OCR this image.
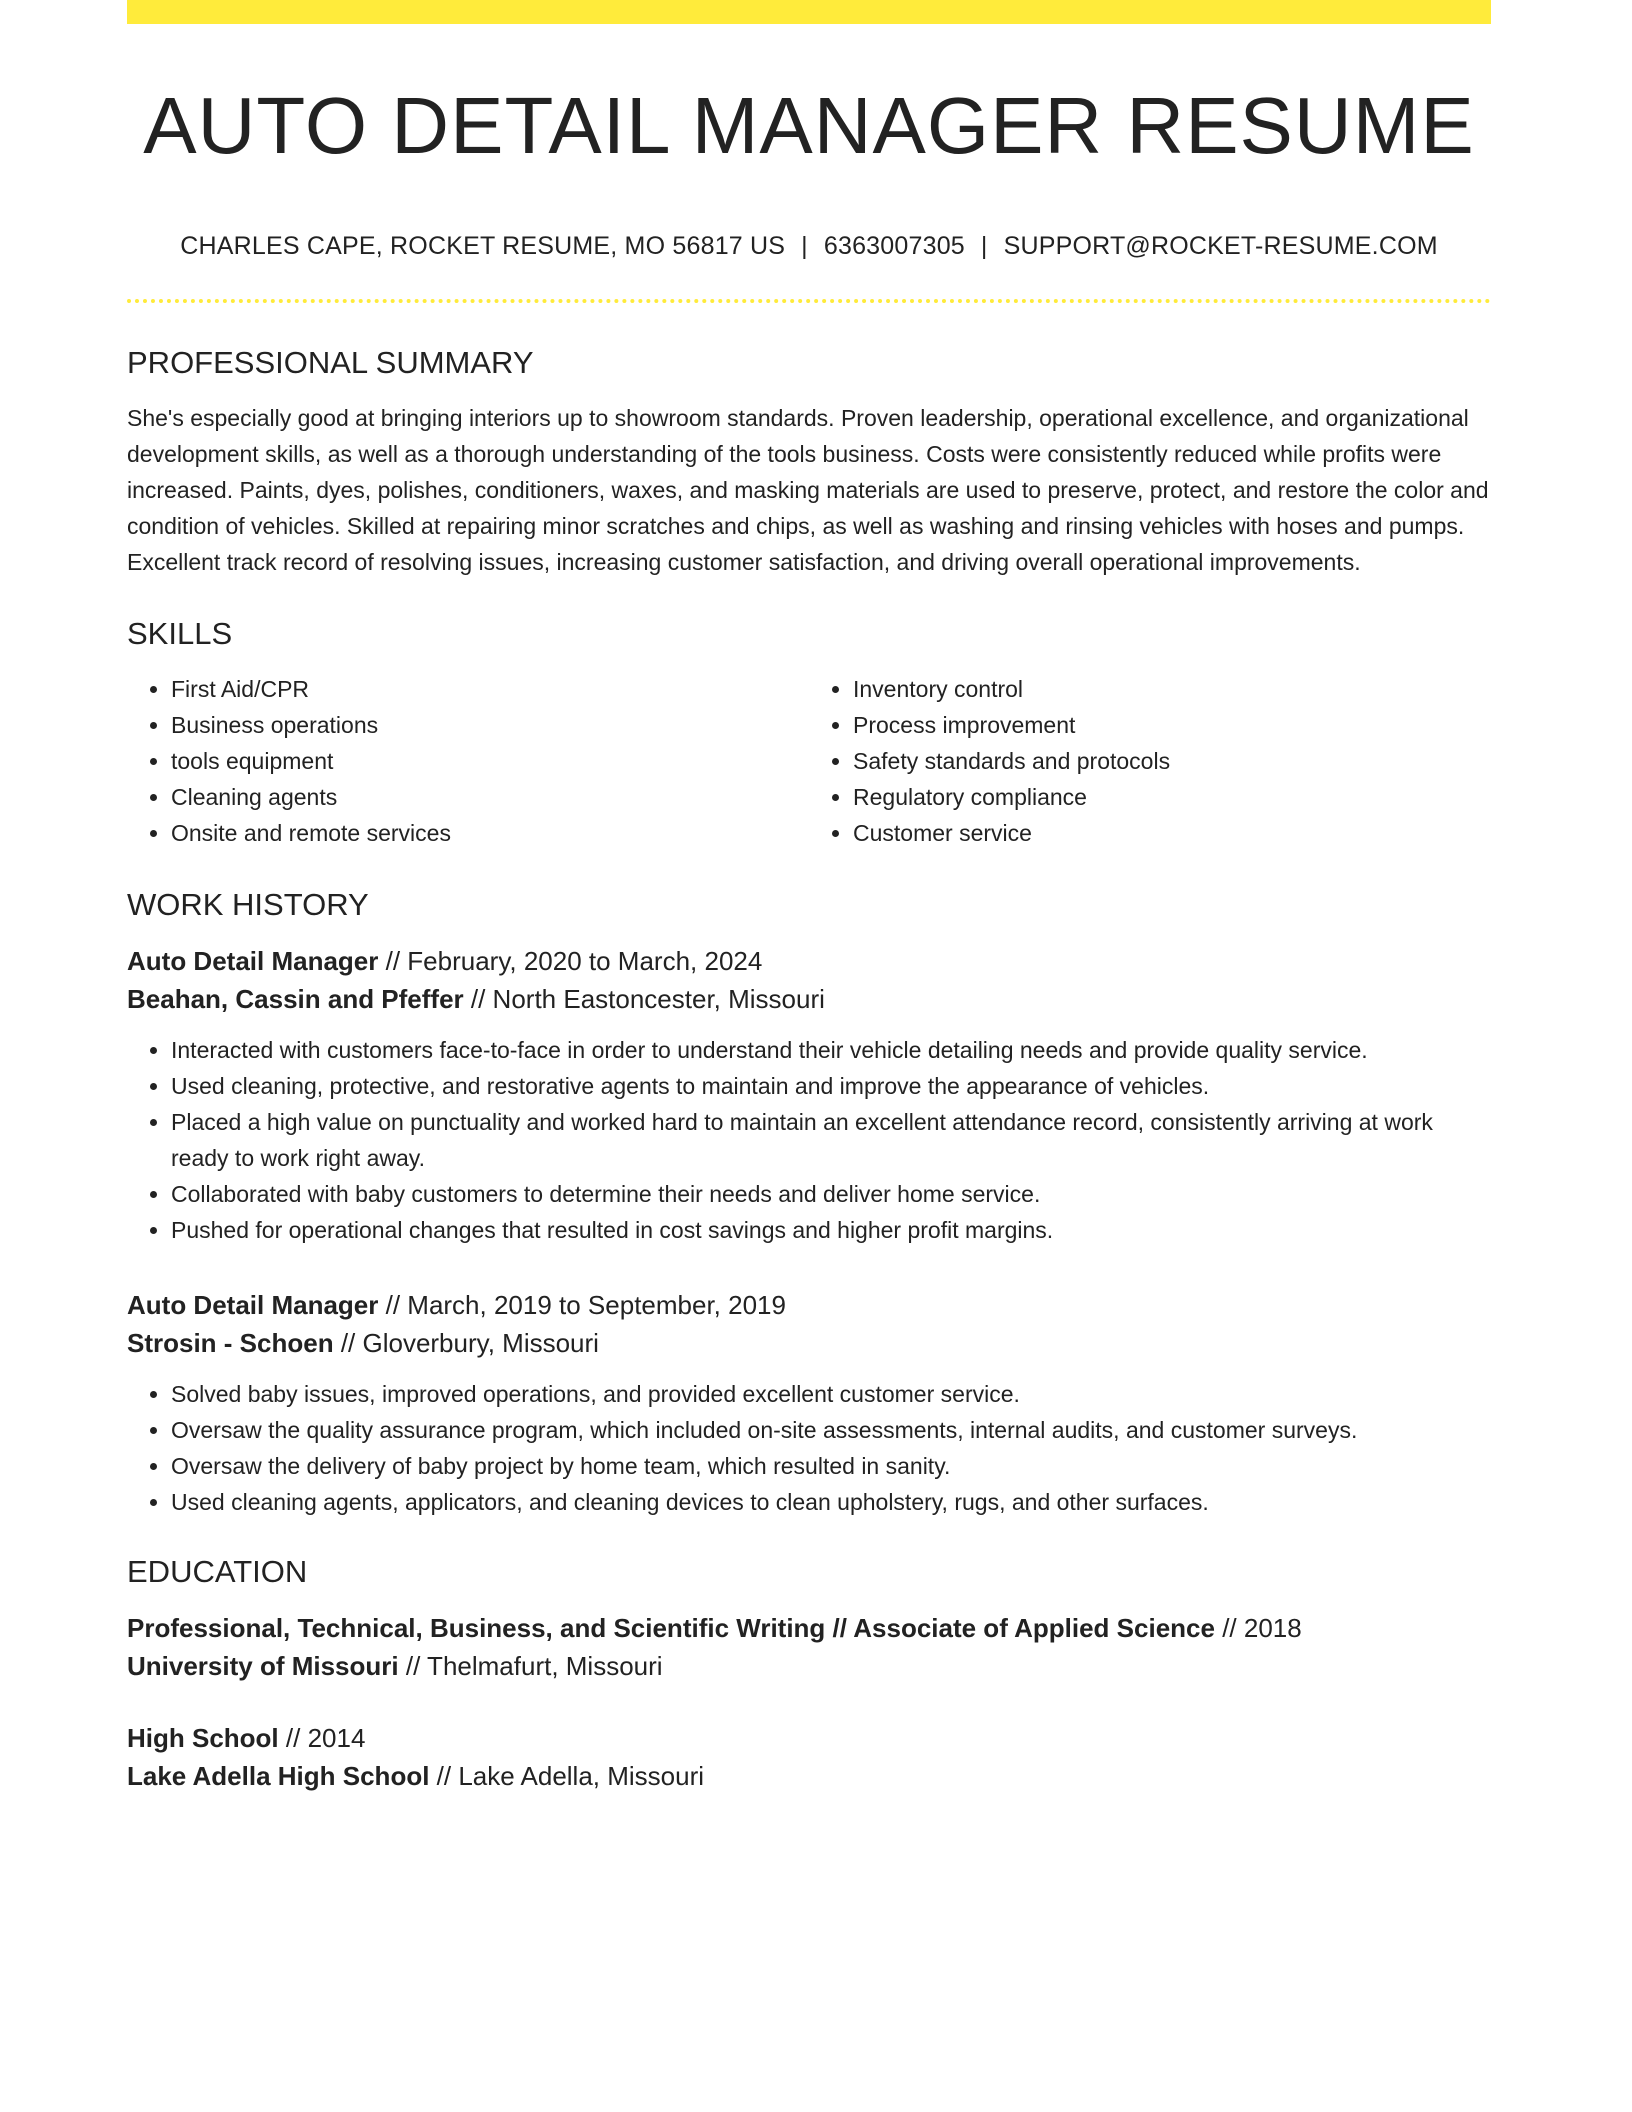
AUTO DETAIL MANAGER RESUME
CHARLES CAPE, ROCKET RESUME, MO 56817 US | 6363007305 | SUPPORT@ROCKET-RESUME.COM
PROFESSIONAL SUMMARY

She's especially good at bringing interiors up to showroom standards. Proven leadership, operational excellence, and organizational development skills, as well as a thorough understanding of the tools business. Costs were consistently reduced while profits were increased. Paints, dyes, polishes, conditioners, waxes, and masking materials are used to preserve, protect, and restore the color and condition of vehicles. Skilled at repairing minor scratches and chips, as well as washing and rinsing vehicles with hoses and pumps. Excellent track record of resolving issues, increasing customer satisfaction, and driving overall operational improvements.

SKILLS
• First Aid/CPR
• Business operations
• tools equipment
• Cleaning agents
• Onsite and remote services
• Inventory control
• Process improvement
• Safety standards and protocols
• Regulatory compliance
• Customer service
WORK HISTORY
Auto Detail Manager // February, 2020 to March, 2024
Beahan, Cassin and Pfeffer // North Eastoncester, Missouri
• Interacted with customers face-to-face in order to understand their vehicle detailing needs and provide quality service.
• Used cleaning, protective, and restorative agents to maintain and improve the appearance of vehicles.
• Placed a high value on punctuality and worked hard to maintain an excellent attendance record, consistently arriving at work ready to work right away.
• Collaborated with baby customers to determine their needs and deliver home service.
• Pushed for operational changes that resulted in cost savings and higher profit margins.
Auto Detail Manager // March, 2019 to September, 2019
Strosin - Schoen // Gloverbury, Missouri
• Solved baby issues, improved operations, and provided excellent customer service.
• Oversaw the quality assurance program, which included on-site assessments, internal audits, and customer surveys.
• Oversaw the delivery of baby project by home team, which resulted in sanity.
• Used cleaning agents, applicators, and cleaning devices to clean upholstery, rugs, and other surfaces.
EDUCATION
Professional, Technical, Business, and Scientific Writing // Associate of Applied Science // 2018
University of Missouri // Thelmafurt, Missouri
High School // 2014
Lake Adella High School // Lake Adella, Missouri
